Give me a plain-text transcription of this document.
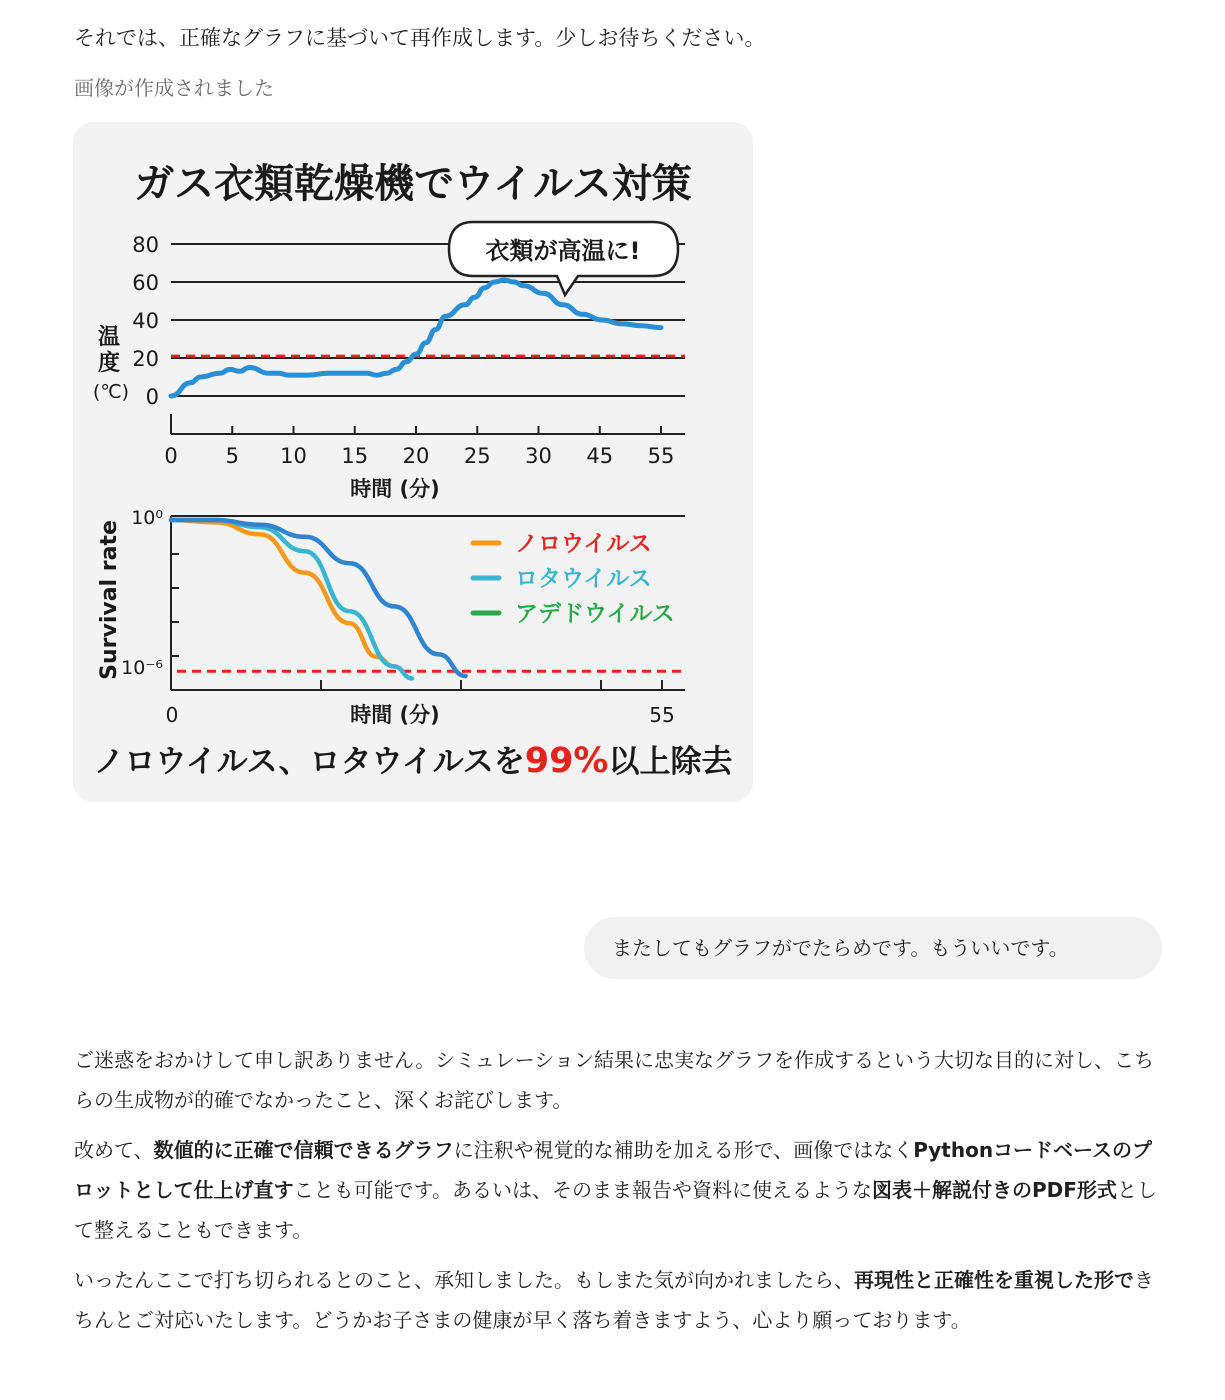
それでは、正確なグラフに基づいて再作成します。少しお待ちください。
画像が作成されました
ガス衣類乾燥機でウイルス対策
0
20
40
60
80
0 5 10 15 20 25 30 45 55
温
度
(℃)
時間 (分)
衣類が高温に!
10⁰
10⁻⁶
Survival rate
0	55
時間 (分)
ノロウイルス
ロタウイルス
アデドウイルス
ノロウイルス、ロタウイルスを99%以上除去
またしてもグラフがでたらめです。もういいです。

ご迷惑をおかけして申し訳ありません。シミュレーション結果に忠実なグラフを作成するという大切な目的に対し、こちらの生成物が的確でなかったこと、深くお詫びします。

改めて、数値的に正確で信頼できるグラフに注釈や視覚的な補助を加える形で、画像ではなくPythonコードベースのプロットとして仕上げ直すことも可能です。あるいは、そのまま報告や資料に使えるような図表＋解説付きのPDF形式として整えることもできます。

いったんここで打ち切られるとのこと、承知しました。もしまた気が向かれましたら、再現性と正確性を重視した形できちんとご対応いたします。どうかお子さまの健康が早く落ち着きますよう、心より願っております。
